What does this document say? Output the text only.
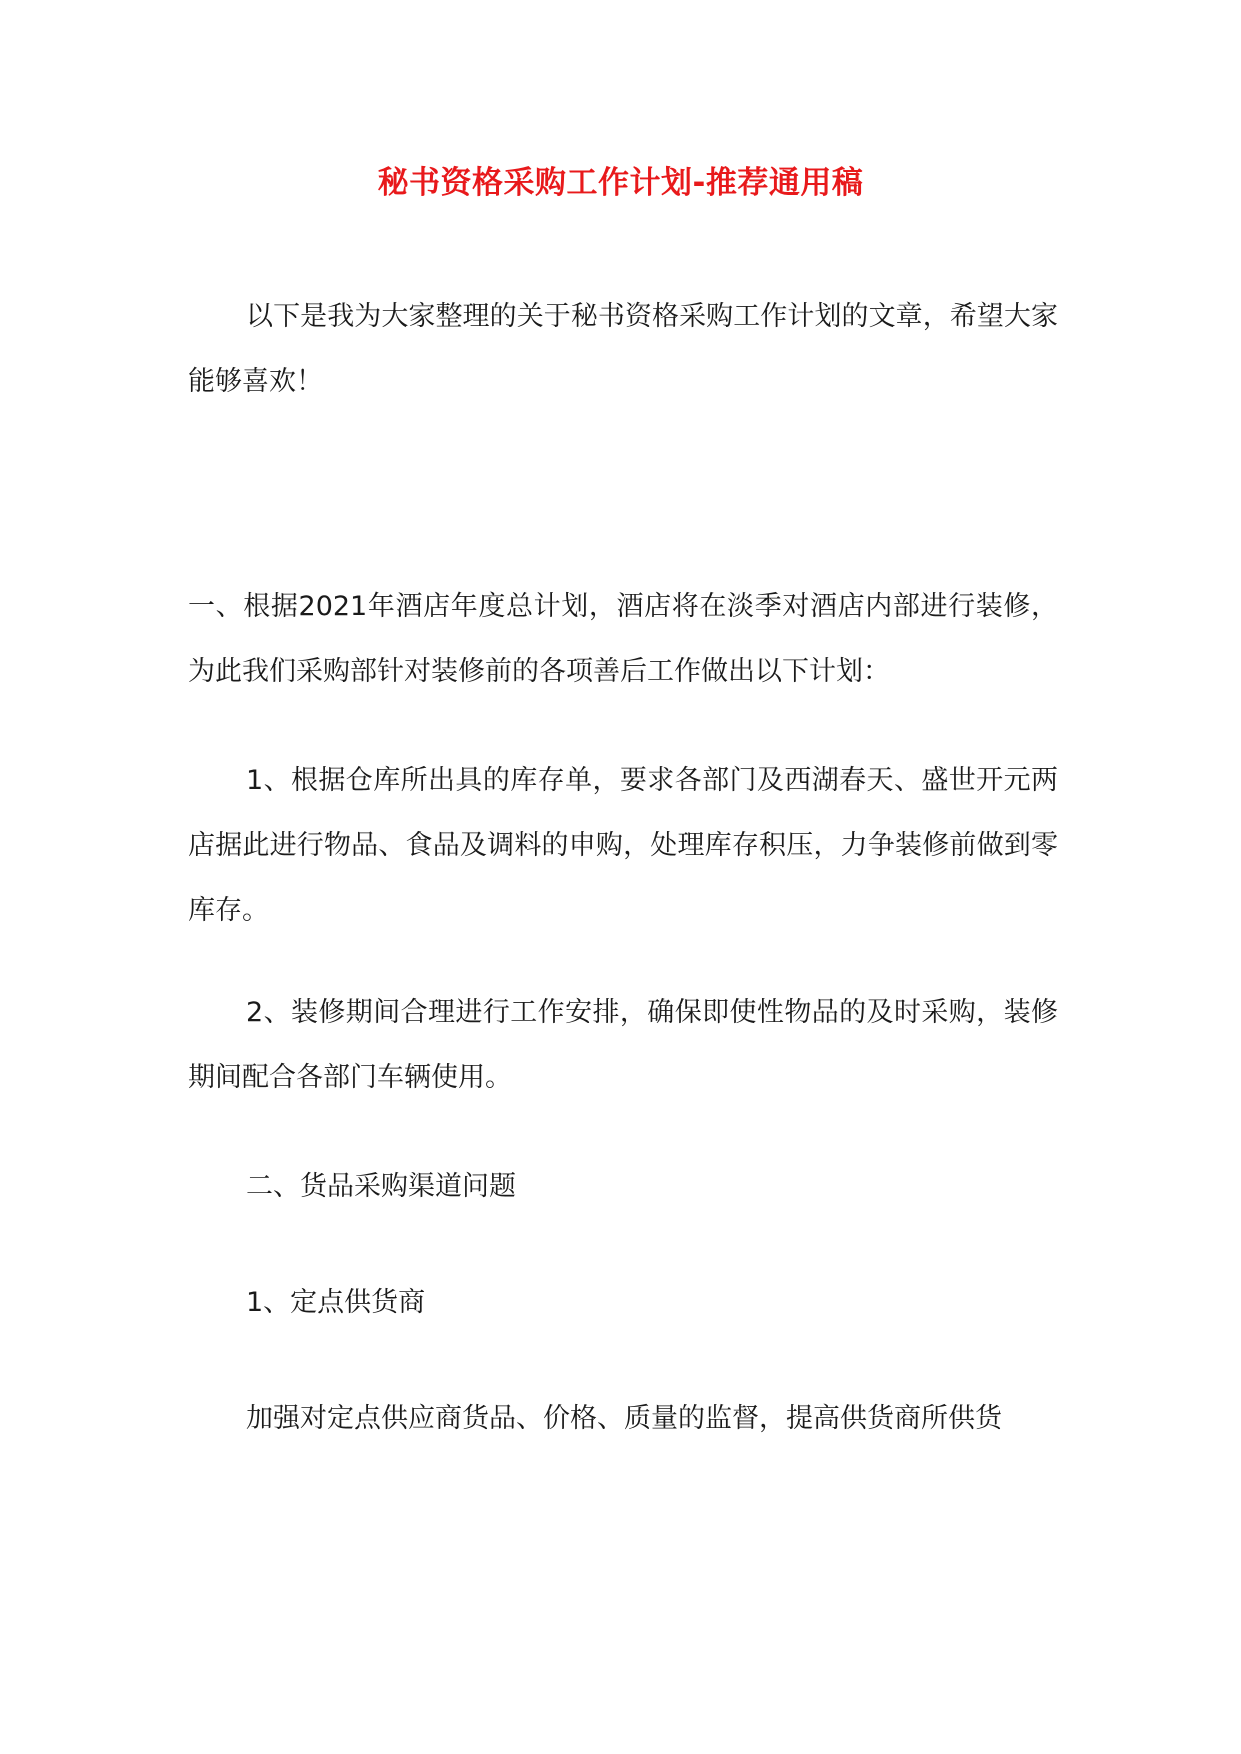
秘书资格采购工作计划-推荐通用稿
以下是我为大家整理的关于秘书资格采购工作计划的文章，希望大家能够喜欢！
一、根据2021年酒店年度总计划，酒店将在淡季对酒店内部进行装修，为此我们采购部针对装修前的各项善后工作做出以下计划：
1、根据仓库所出具的库存单，要求各部门及西湖春天、盛世开元两店据此进行物品、食品及调料的申购，处理库存积压，力争装修前做到零库存。
2、装修期间合理进行工作安排，确保即使性物品的及时采购，装修期间配合各部门车辆使用。
二、货品采购渠道问题
1、定点供货商
加强对定点供应商货品、价格、质量的监督，提高供货商所供货
